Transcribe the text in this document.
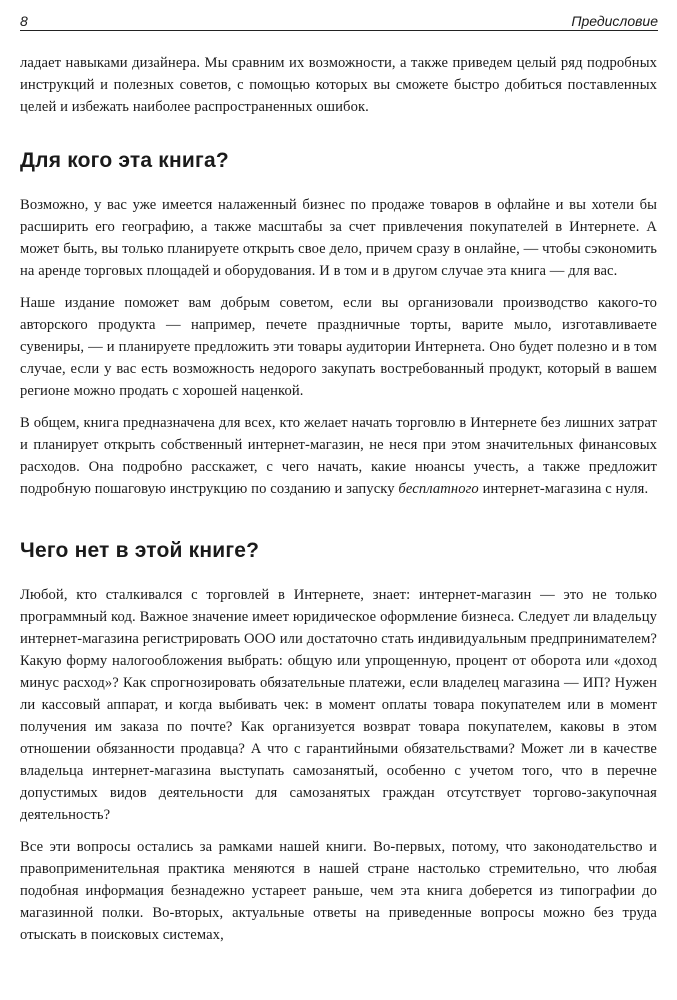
8	Предисловие

ладает навыками дизайнера. Мы сравним их возможности, а также приведем целый ряд подробных инструкций и полезных советов, с помощью которых вы сможете быстро добиться поставленных целей и избежать наиболее распространенных ошибок.

Для кого эта книга?

Возможно, у вас уже имеется налаженный бизнес по продаже товаров в офлайне и вы хотели бы расширить его географию, а также масштабы за счет привлечения покупателей в Интернете. А может быть, вы только планируете открыть свое дело, причем сразу в онлайне, — чтобы сэкономить на аренде торговых площадей и оборудования. И в том и в другом случае эта книга — для вас.

Наше издание поможет вам добрым советом, если вы организовали производство какого-то авторского продукта — например, печете праздничные торты, варите мыло, изготавливаете сувениры, — и планируете предложить эти товары аудитории Интернета. Оно будет полезно и в том случае, если у вас есть возможность недорого закупать востребованный продукт, который в вашем регионе можно продать с хорошей наценкой.

В общем, книга предназначена для всех, кто желает начать торговлю в Интернете без лишних затрат и планирует открыть собственный интернет-магазин, не неся при этом значительных финансовых расходов. Она подробно расскажет, с чего начать, какие нюансы учесть, а также предложит подробную пошаговую инструкцию по созданию и запуску бесплатного интернет-магазина с нуля.

Чего нет в этой книге?

Любой, кто сталкивался с торговлей в Интернете, знает: интернет-магазин — это не только программный код. Важное значение имеет юридическое оформление бизнеса. Следует ли владельцу интернет-магазина регистрировать ООО или достаточно стать индивидуальным предпринимателем? Какую форму налогообложения выбрать: общую или упрощенную, процент от оборота или «доход минус расход»? Как спрогнозировать обязательные платежи, если владелец магазина — ИП? Нужен ли кассовый аппарат, и когда выбивать чек: в момент оплаты товара покупателем или в момент получения им заказа по почте? Как организуется возврат товара покупателем, каковы в этом отношении обязанности продавца? А что с гарантийными обязательствами? Может ли в качестве владельца интернет-магазина выступать самозанятый, особенно с учетом того, что в перечне допустимых видов деятельности для самозанятых граждан отсутствует торгово-закупочная деятельность?

Все эти вопросы остались за рамками нашей книги. Во-первых, потому, что законодательство и правоприменительная практика меняются в нашей стране настолько стремительно, что любая подобная информация безнадежно устареет раньше, чем эта книга доберется из типографии до магазинной полки. Во-вторых, актуальные ответы на приведенные вопросы можно без труда отыскать в поисковых системах,
